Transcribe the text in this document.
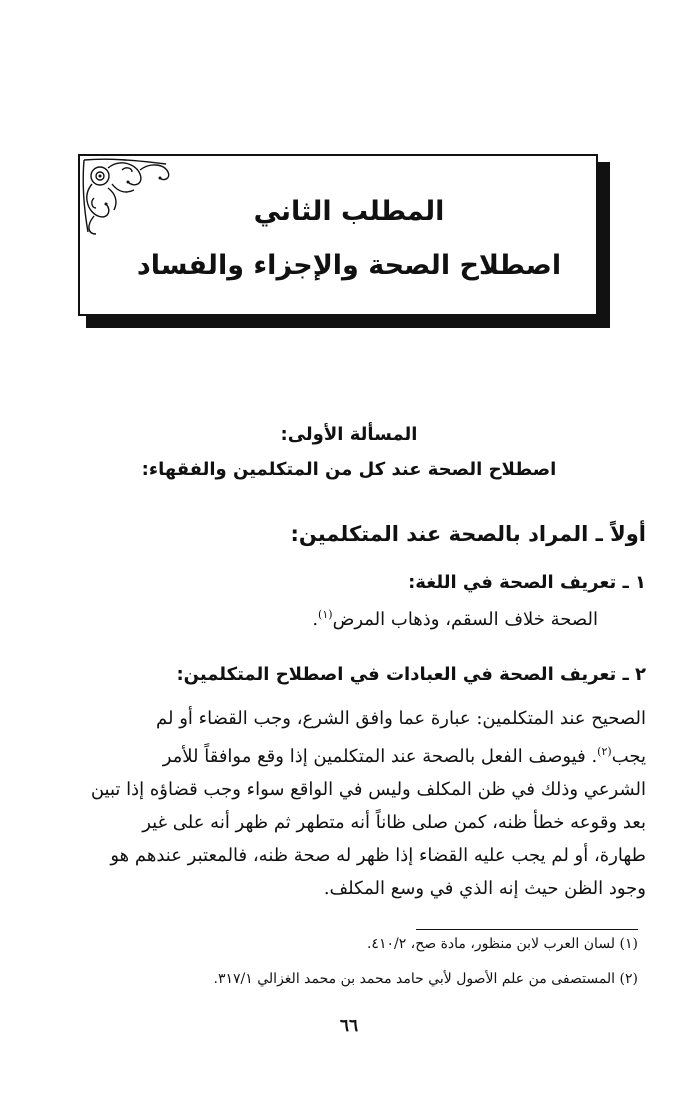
المطلب الثاني
اصطلاح الصحة والإجزاء والفساد
المسألة الأولى:
اصطلاح الصحة عند كل من المتكلمين والفقهاء:
أولاً ـ المراد بالصحة عند المتكلمين:
١ ـ تعريف الصحة في اللغة:
الصحة خلاف السقم، وذهاب المرض$^{(١)}$.
٢ ـ تعريف الصحة في العبادات في اصطلاح المتكلمين:
الصحيح عند المتكلمين: عبارة عما وافق الشرع، وجب القضاء أو لم
يجب$^{(٢)}$. فيوصف الفعل بالصحة عند المتكلمين إذا وقع موافقاً للأمر
الشرعي وذلك في ظن المكلف وليس في الواقع سواء وجب قضاؤه إذا تبين
بعد وقوعه خطأ ظنه، كمن صلى ظاناً أنه متطهر ثم ظهر أنه على غير
طهارة، أو لم يجب عليه القضاء إذا ظهر له صحة ظنه، فالمعتبر عندهم هو
وجود الظن حيث إنه الذي في وسع المكلف.
(١) لسان العرب لابن منظور، مادة صح، ٤١٠/٢.
(٢) المستصفى من علم الأصول لأبي حامد محمد بن محمد الغزالي ٣١٧/١.
٦٦
